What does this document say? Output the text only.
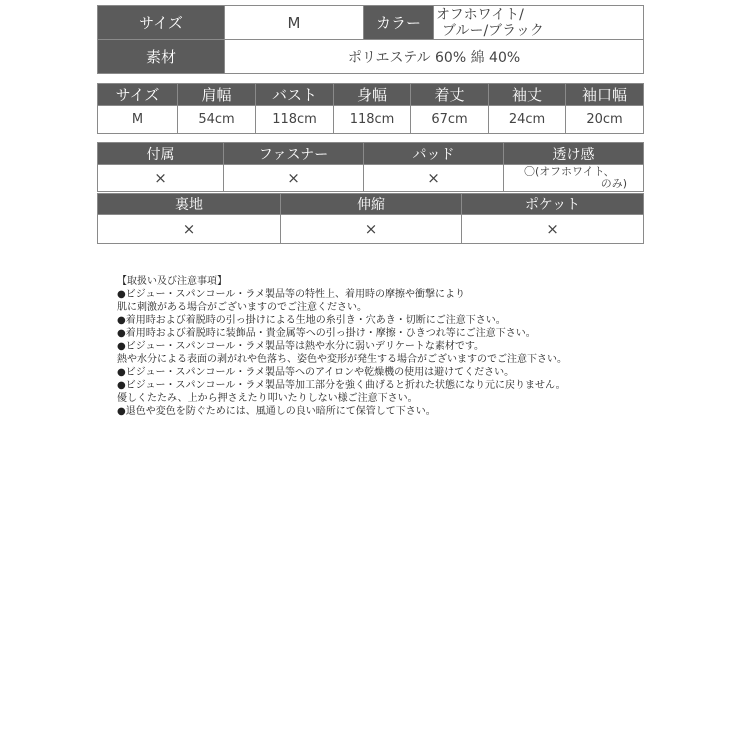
サイズ	M	カラー	オフホワイト/
ブルー/ブラック

素材	ポリエステル 60% 綿 40%		
サイズ	肩幅	バスト	身幅	着丈	袖丈	袖口幅
M	54cm	118cm	118cm	67cm	24cm	20cm
付属	ファスナー	パッド	透け感
×	×	×	〇(オフホワイト、
のみ)
裏地	伸縮	ポケット
×	×	×
【取扱い及び注意事項】
●ビジュー・スパンコール・ラメ製品等の特性上、着用時の摩擦や衝撃により
肌に刺激がある場合がございますのでご注意ください。
●着用時および着脱時の引っ掛けによる生地の糸引き・穴あき・切断にご注意下さい。
●着用時および着脱時に装飾品・貴金属等への引っ掛け・摩擦・ひきつれ等にご注意下さい。
●ビジュー・スパンコール・ラメ製品等は熱や水分に弱いデリケートな素材です。
熱や水分による表面の剥がれや色落ち、姿色や変形が発生する場合がございますのでご注意下さい。
●ビジュー・スパンコール・ラメ製品等へのアイロンや乾燥機の使用は避けてください。
●ビジュー・スパンコール・ラメ製品等加工部分を強く曲げると折れた状態になり元に戻りません。
優しくたたみ、上から押さえたり叩いたりしない様ご注意下さい。
●退色や変色を防ぐためには、風通しの良い暗所にて保管して下さい。
